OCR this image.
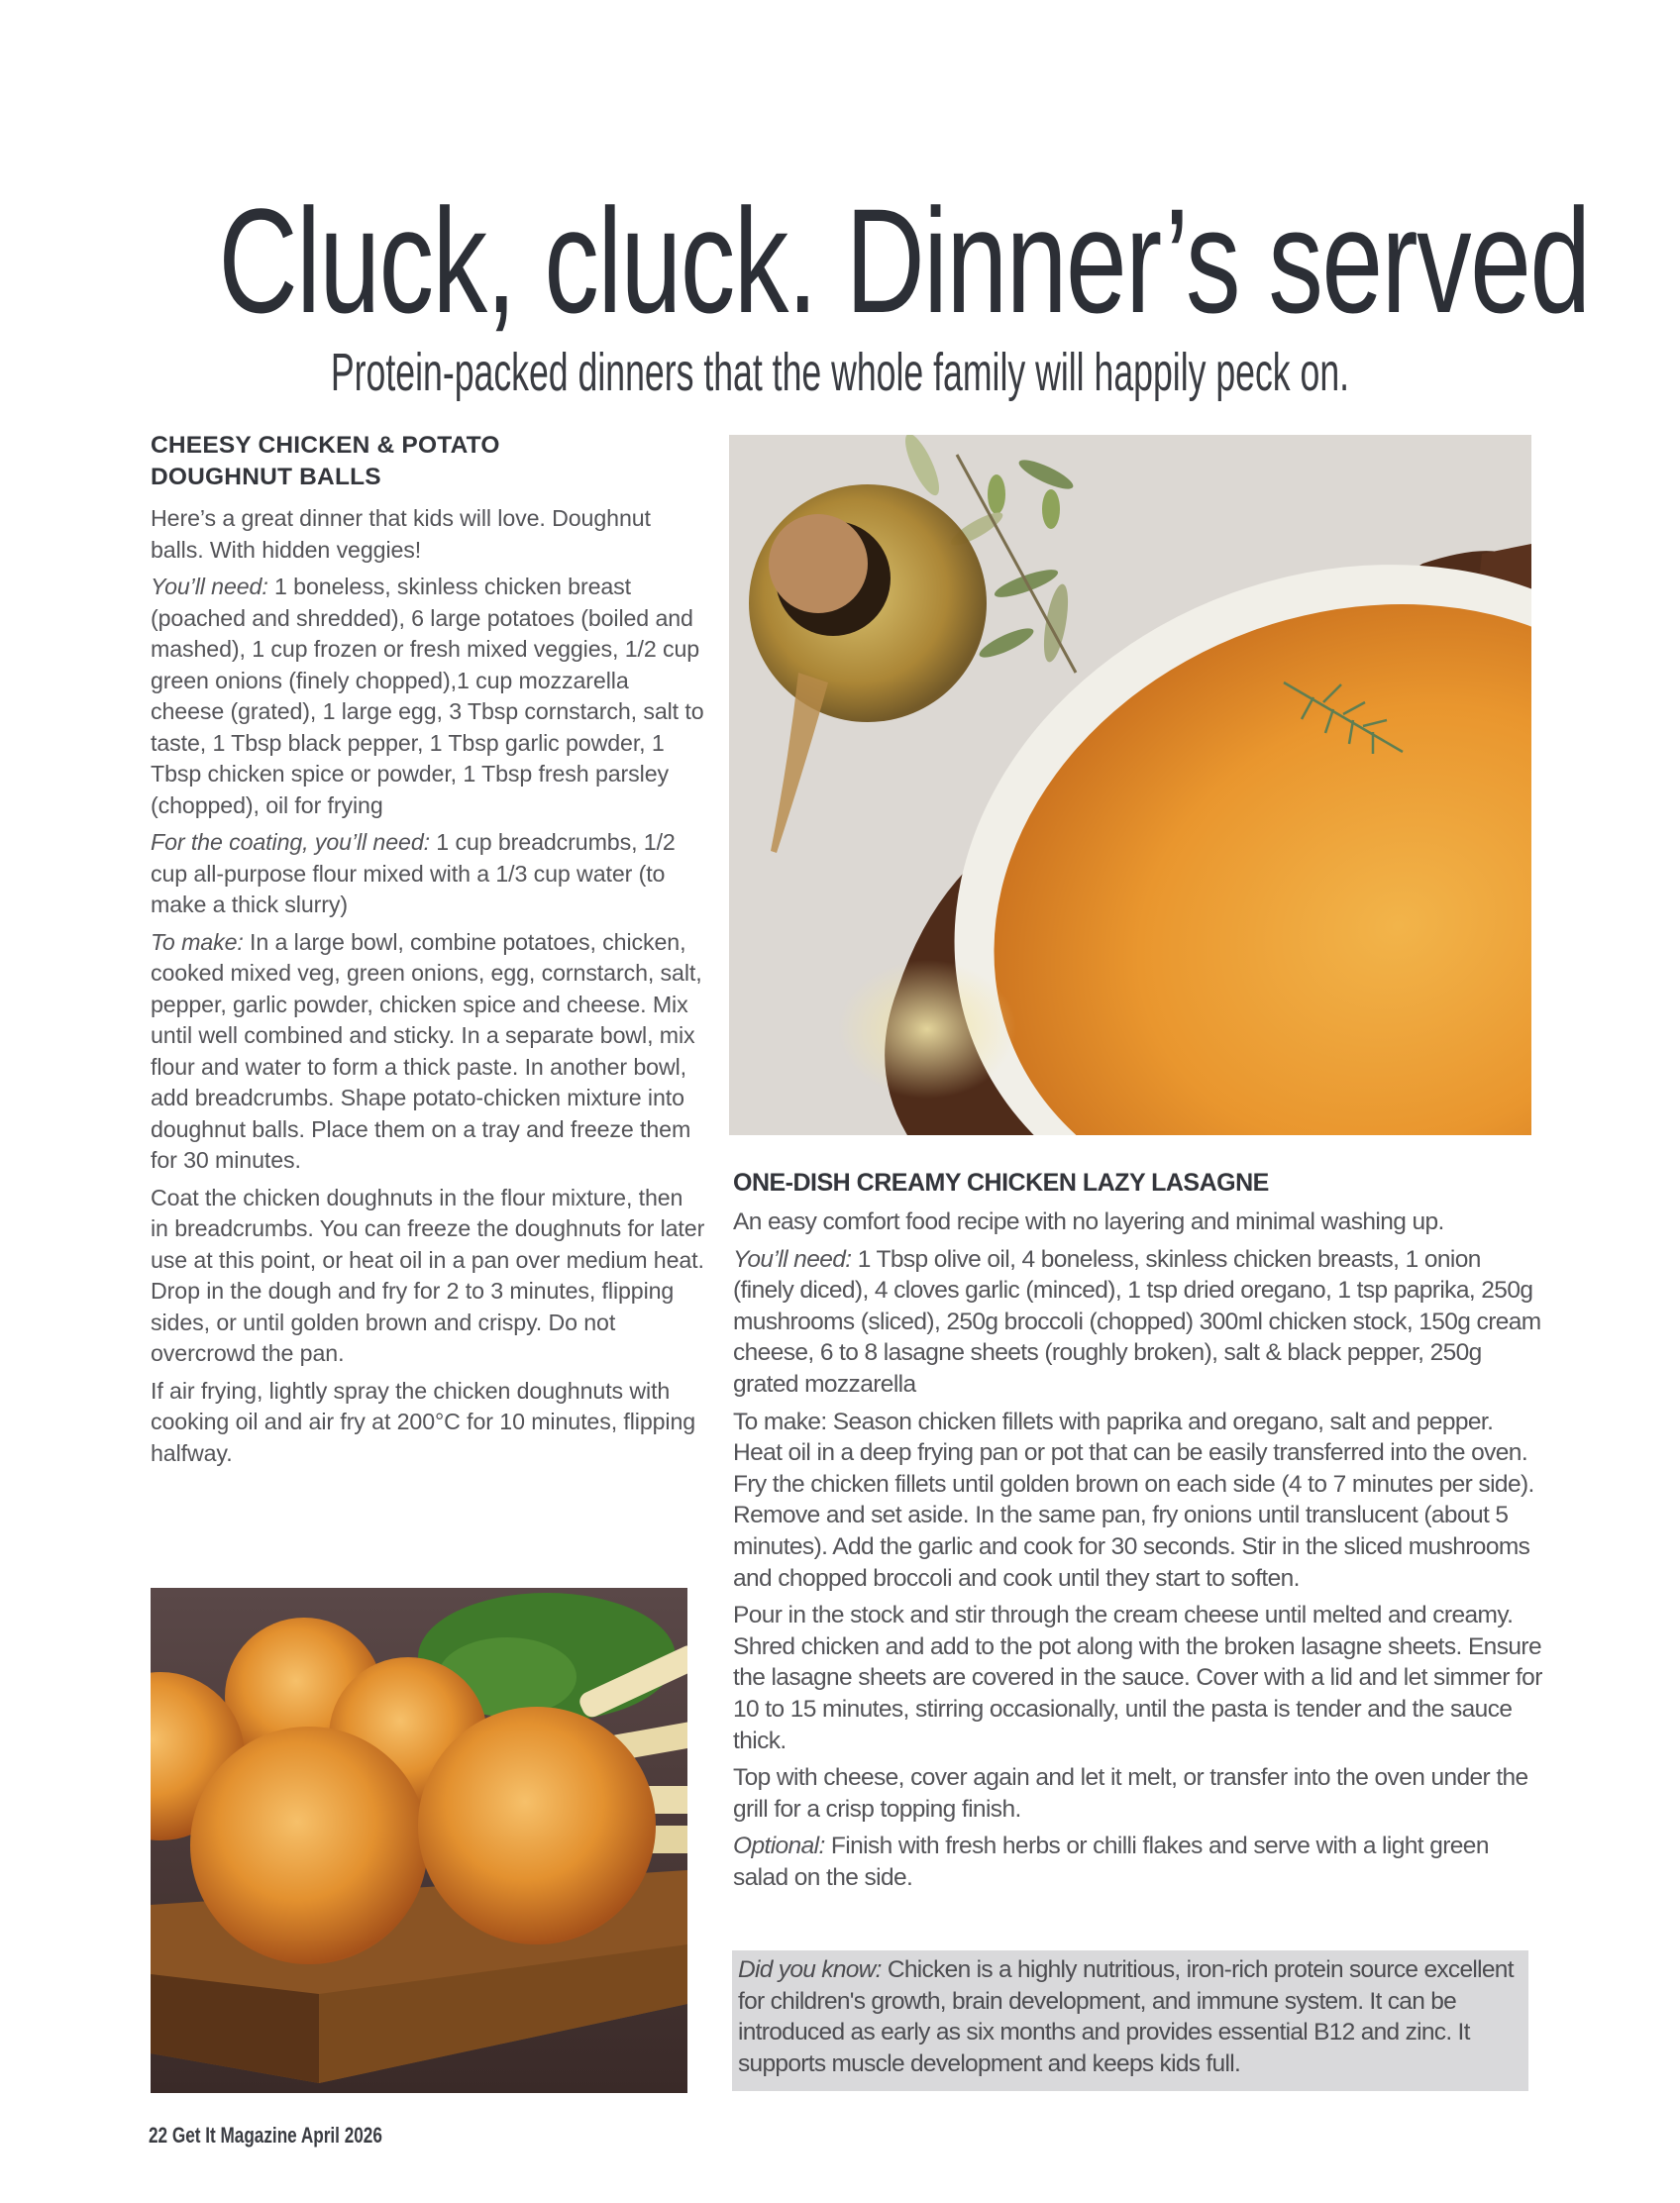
Cluck, cluck. Dinner’s served
Protein-packed dinners that the whole family will happily peck on.
CHEESY CHICKEN & POTATO
DOUGHNUT BALLS

Here’s a great dinner that kids will love. Doughnut balls. With hidden veggies!

You’ll need: 1 boneless, skinless chicken breast (poached and shredded), 6 large potatoes (boiled and mashed), 1 cup frozen or fresh mixed veggies, 1/2 cup green onions (finely chopped),1 cup mozzarella cheese (grated), 1 large egg, 3 Tbsp cornstarch, salt to taste, 1 Tbsp black pepper, 1 Tbsp garlic powder, 1 Tbsp chicken spice or powder, 1 Tbsp fresh parsley (chopped), oil for frying

For the coating, you’ll need: 1 cup breadcrumbs, 1/2 cup all-purpose flour mixed with a 1/3 cup water (to make a thick slurry)

To make: In a large bowl, combine potatoes, chicken, cooked mixed veg, green onions, egg, cornstarch, salt, pepper, garlic powder, chicken spice and cheese. Mix until well combined and sticky. In a separate bowl, mix flour and water to form a thick paste. In another bowl, add breadcrumbs. Shape potato-chicken mixture into doughnut balls. Place them on a tray and freeze them for 30 minutes.

Coat the chicken doughnuts in the flour mixture, then in breadcrumbs. You can freeze the doughnuts for later use at this point, or heat oil in a pan over medium heat. Drop in the dough and fry for 2 to 3 minutes, flipping sides, or until golden brown and crispy. Do not overcrowd the pan.

If air frying, lightly spray the chicken doughnuts with cooking oil and air fry at 200°C for 10 minutes, flipping halfway.

ONE-DISH CREAMY CHICKEN LAZY LASAGNE

An easy comfort food recipe with no layering and minimal washing up.

You’ll need: 1 Tbsp olive oil, 4 boneless, skinless chicken breasts, 1 onion (finely diced), 4 cloves garlic (minced), 1 tsp dried oregano, 1 tsp paprika, 250g mushrooms (sliced), 250g broccoli (chopped) 300ml chicken stock, 150g cream cheese, 6 to 8 lasagne sheets (roughly broken), salt & black pepper, 250g grated mozzarella

To make: Season chicken fillets with paprika and oregano, salt and pepper. Heat oil in a deep frying pan or pot that can be easily transferred into the oven. Fry the chicken fillets until golden brown on each side (4 to 7 minutes per side). Remove and set aside. In the same pan, fry onions until translucent (about 5 minutes). Add the garlic and cook for 30 seconds. Stir in the sliced mushrooms and chopped broccoli and cook until they start to soften.

Pour in the stock and stir through the cream cheese until melted and creamy. Shred chicken and add to the pot along with the broken lasagne sheets. Ensure the lasagne sheets are covered in the sauce. Cover with a lid and let simmer for 10 to 15 minutes, stirring occasionally, until the pasta is tender and the sauce thick.

Top with cheese, cover again and let it melt, or transfer into the oven under the grill for a crisp topping finish.

Optional: Finish with fresh herbs or chilli flakes and serve with a light green salad on the side.

Did you know: Chicken is a highly nutritious, iron-rich protein source excellent for children's growth, brain development, and immune system. It can be introduced as early as six months and provides essential B12 and zinc. It supports muscle development and keeps kids full.

22 Get It Magazine April 2026
